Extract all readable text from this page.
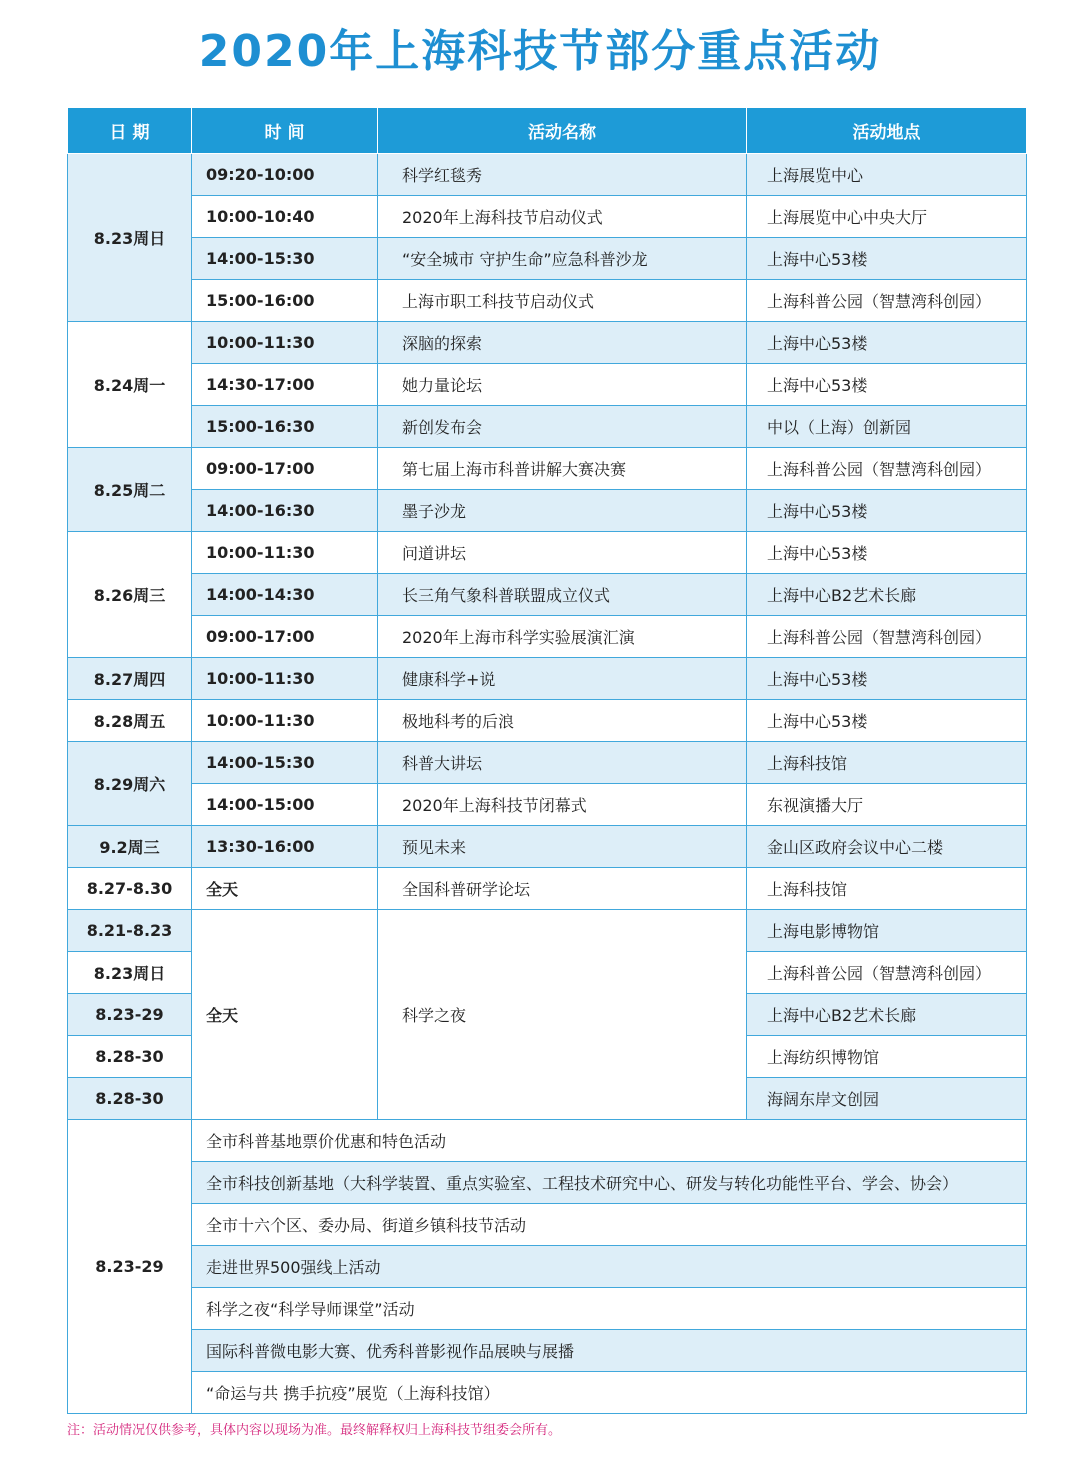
2020年上海科技节部分重点活动
日 期	时 间	活动名称	活动地点
8.23周日	09:20-10:00	科学红毯秀	上海展览中心
	10:00-10:40	2020年上海科技节启动仪式	上海展览中心中央大厅
	14:00-15:30	“安全城市 守护生命”应急科普沙龙	上海中心53楼
	15:00-16:00	上海市职工科技节启动仪式	上海科普公园（智慧湾科创园）
8.24周一	10:00-11:30	深脑的探索	上海中心53楼
	14:30-17:00	她力量论坛	上海中心53楼
	15:00-16:30	新创发布会	中以（上海）创新园
8.25周二	09:00-17:00	第七届上海市科普讲解大赛决赛	上海科普公园（智慧湾科创园）
	14:00-16:30	墨子沙龙	上海中心53楼
8.26周三	10:00-11:30	问道讲坛	上海中心53楼
	14:00-14:30	长三角气象科普联盟成立仪式	上海中心B2艺术长廊
	09:00-17:00	2020年上海市科学实验展演汇演	上海科普公园（智慧湾科创园）
8.27周四	10:00-11:30	健康科学+说	上海中心53楼
8.28周五	10:00-11:30	极地科考的后浪	上海中心53楼
8.29周六	14:00-15:30	科普大讲坛	上海科技馆
	14:00-15:00	2020年上海科技节闭幕式	东视演播大厅
9.2周三	13:30-16:00	预见未来	金山区政府会议中心二楼
8.27-8.30	全天	全国科普研学论坛	上海科技馆
8.21-8.23	全天	科学之夜	上海电影博物馆
8.23周日			上海科普公园（智慧湾科创园）
8.23-29			上海中心B2艺术长廊
8.28-30			上海纺织博物馆
8.28-30			海阔东岸文创园
8.23-29	全市科普基地票价优惠和特色活动		
	全市科技创新基地（大科学装置、重点实验室、工程技术研究中心、研发与转化功能性平台、学会、协会）		
	全市十六个区、委办局、街道乡镇科技节活动		
	走进世界500强线上活动		
	科学之夜“科学导师课堂”活动		
	国际科普微电影大赛、优秀科普影视作品展映与展播		
	“命运与共 携手抗疫”展览（上海科技馆）		
注：活动情况仅供参考，具体内容以现场为准。最终解释权归上海科技节组委会所有。
